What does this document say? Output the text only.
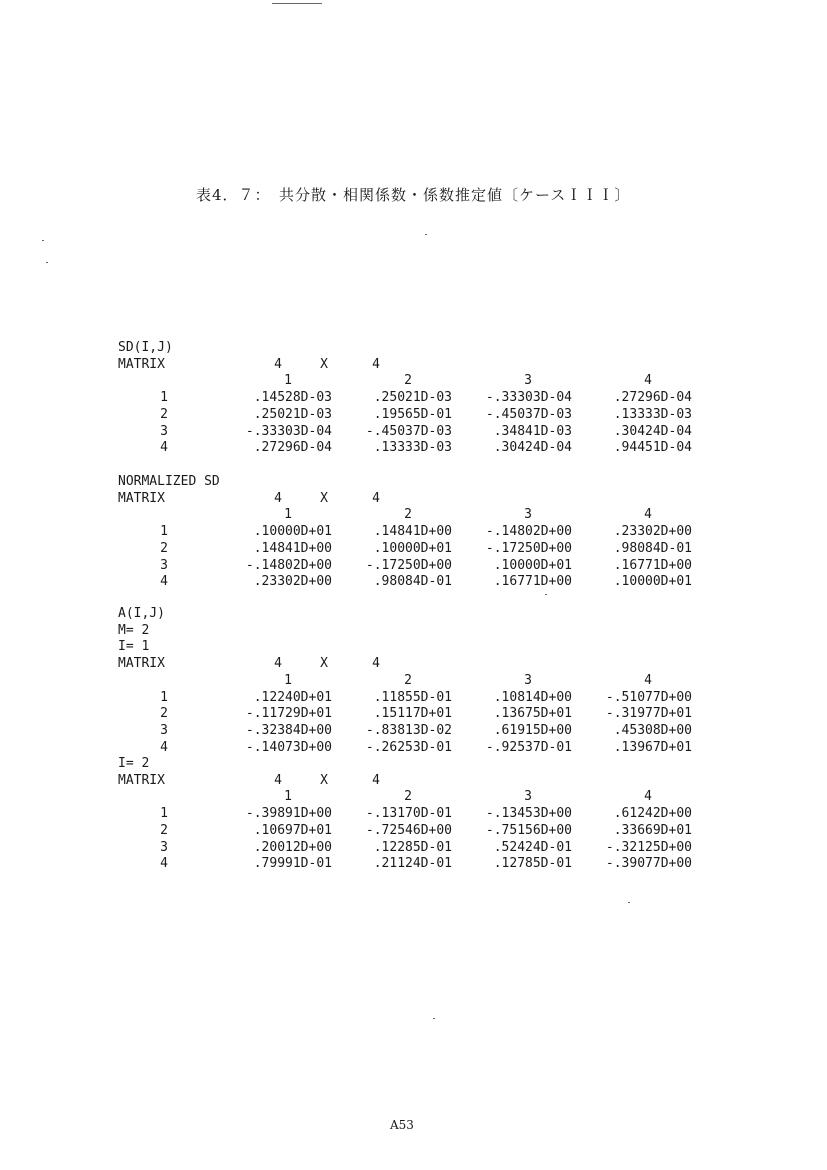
表4．７：　共分散・相関係数・係数推定値〔ケースＩＩＩ〕
SD(I,J)
MATRIX	4	X	4
1	2	3	4
1	.14528D-03	.25021D-03	-.33303D-04	.27296D-04
2	.25021D-03	.19565D-01	-.45037D-03	.13333D-03
3	-.33303D-04	-.45037D-03	.34841D-03	.30424D-04
4	.27296D-04	.13333D-03	.30424D-04	.94451D-04
NORMALIZED SD
MATRIX	4	X	4
1	2	3	4
1	.10000D+01	.14841D+00	-.14802D+00	.23302D+00
2	.14841D+00	.10000D+01	-.17250D+00	.98084D-01
3	-.14802D+00	-.17250D+00	.10000D+01	.16771D+00
4	.23302D+00	.98084D-01	.16771D+00	.10000D+01
A(I,J)
M= 2
I= 1
MATRIX	4	X	4
1	2	3	4
1	.12240D+01	.11855D-01	.10814D+00	-.51077D+00
2	-.11729D+01	.15117D+01	.13675D+01	-.31977D+01
3	-.32384D+00	-.83813D-02	.61915D+00	.45308D+00
4	-.14073D+00	-.26253D-01	-.92537D-01	.13967D+01
I= 2
MATRIX	4	X	4
1	2	3	4
1	-.39891D+00	-.13170D-01	-.13453D+00	.61242D+00
2	.10697D+01	-.72546D+00	-.75156D+00	.33669D+01
3	.20012D+00	.12285D-01	.52424D-01	-.32125D+00
4	.79991D-01	.21124D-01	.12785D-01	-.39077D+00
A53
